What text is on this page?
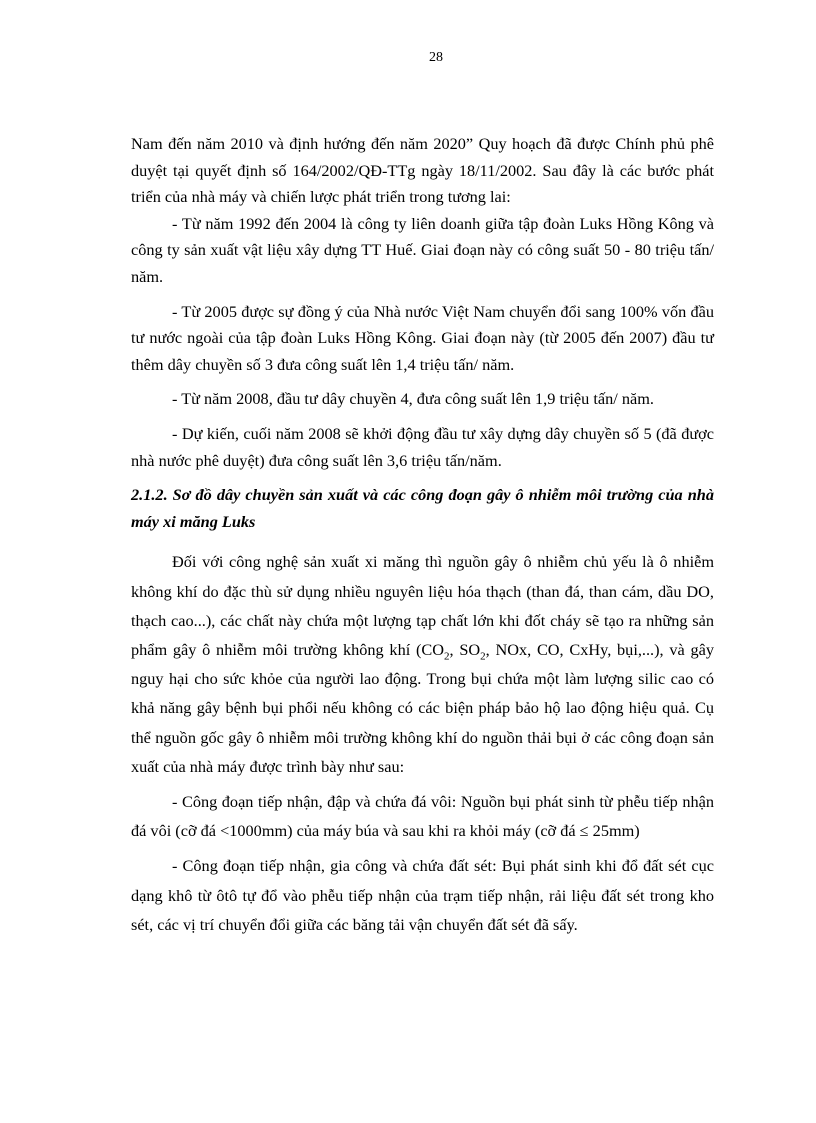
28

Nam đến năm 2010 và định hướng đến năm 2020” Quy hoạch đã được Chính phủ phê duyệt tại quyết định số 164/2002/QĐ-TTg ngày 18/11/2002. Sau đây là các bước phát triển của nhà máy và chiến lược phát triển trong tương lai:

- Từ năm 1992 đến 2004 là công ty liên doanh giữa tập đoàn Luks Hồng Kông và công ty sản xuất vật liệu xây dựng TT Huế. Giai đoạn này có công suất 50 - 80 triệu tấn/ năm.

- Từ 2005 được sự đồng ý của Nhà nước Việt Nam chuyển đổi sang 100% vốn đầu tư nước ngoài của tập đoàn Luks Hồng Kông. Giai đoạn này (từ 2005 đến 2007) đầu tư thêm dây chuyền số 3 đưa công suất lên 1,4 triệu tấn/ năm.

- Từ năm 2008, đầu tư dây chuyền 4, đưa công suất lên 1,9 triệu tấn/ năm.

- Dự kiến, cuối năm 2008 sẽ khởi động đầu tư xây dựng dây chuyền số 5 (đã được nhà nước phê duyệt) đưa công suất lên 3,6 triệu tấn/năm.

2.1.2. Sơ đồ dây chuyền sản xuất và các công đoạn gây ô nhiễm môi trường của nhà máy xi măng Luks

Đối với công nghệ sản xuất xi măng thì nguồn gây ô nhiễm chủ yếu là ô nhiễm không khí do đặc thù sử dụng nhiều nguyên liệu hóa thạch (than đá, than cám, dầu DO, thạch cao...), các chất này chứa một lượng tạp chất lớn khi đốt cháy sẽ tạo ra những sản phẩm gây ô nhiễm môi trường không khí ($CO_2$, $SO_2$, NOx, CO, CxHy, bụi,...), và gây nguy hại cho sức khỏe của người lao động. Trong bụi chứa một làm lượng silic cao có khả năng gây bệnh bụi phổi nếu không có các biện pháp bảo hộ lao động hiệu quả. Cụ thể nguồn gốc gây ô nhiễm môi trường không khí do nguồn thải bụi ở các công đoạn sản xuất của nhà máy được trình bày như sau:

- Công đoạn tiếp nhận, đập và chứa đá vôi: Nguồn bụi phát sinh từ phễu tiếp nhận đá vôi (cỡ đá <1000mm) của máy búa và sau khi ra khỏi máy (cỡ đá ≤ 25mm)

- Công đoạn tiếp nhận, gia công và chứa đất sét: Bụi phát sinh khi đổ đất sét cục dạng khô từ ôtô tự đổ vào phễu tiếp nhận của trạm tiếp nhận, rải liệu đất sét trong kho sét, các vị trí chuyển đổi giữa các băng tải vận chuyển đất sét đã sấy.
